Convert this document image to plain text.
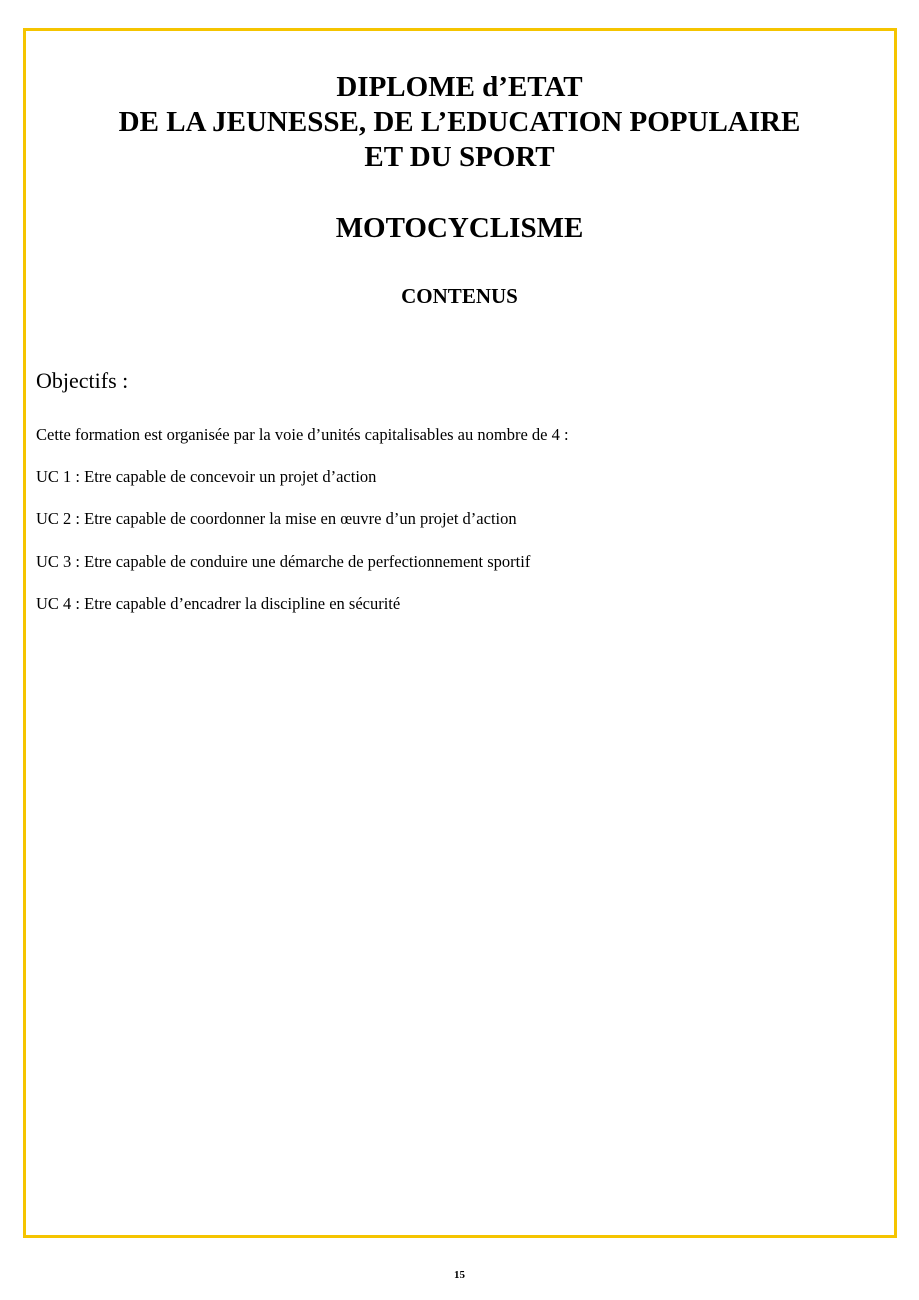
DIPLOME d’ETAT
DE LA JEUNESSE, DE L’EDUCATION POPULAIRE
ET DU SPORT
MOTOCYCLISME
CONTENUS
Objectifs :
Cette formation est organisée par la voie d’unités capitalisables au nombre de 4 :
UC 1 : Etre capable de concevoir un projet d’action
UC 2 : Etre capable de coordonner la mise en œuvre d’un projet d’action
UC 3 : Etre capable de conduire une démarche de perfectionnement sportif
UC 4 : Etre capable d’encadrer la discipline en sécurité
15
